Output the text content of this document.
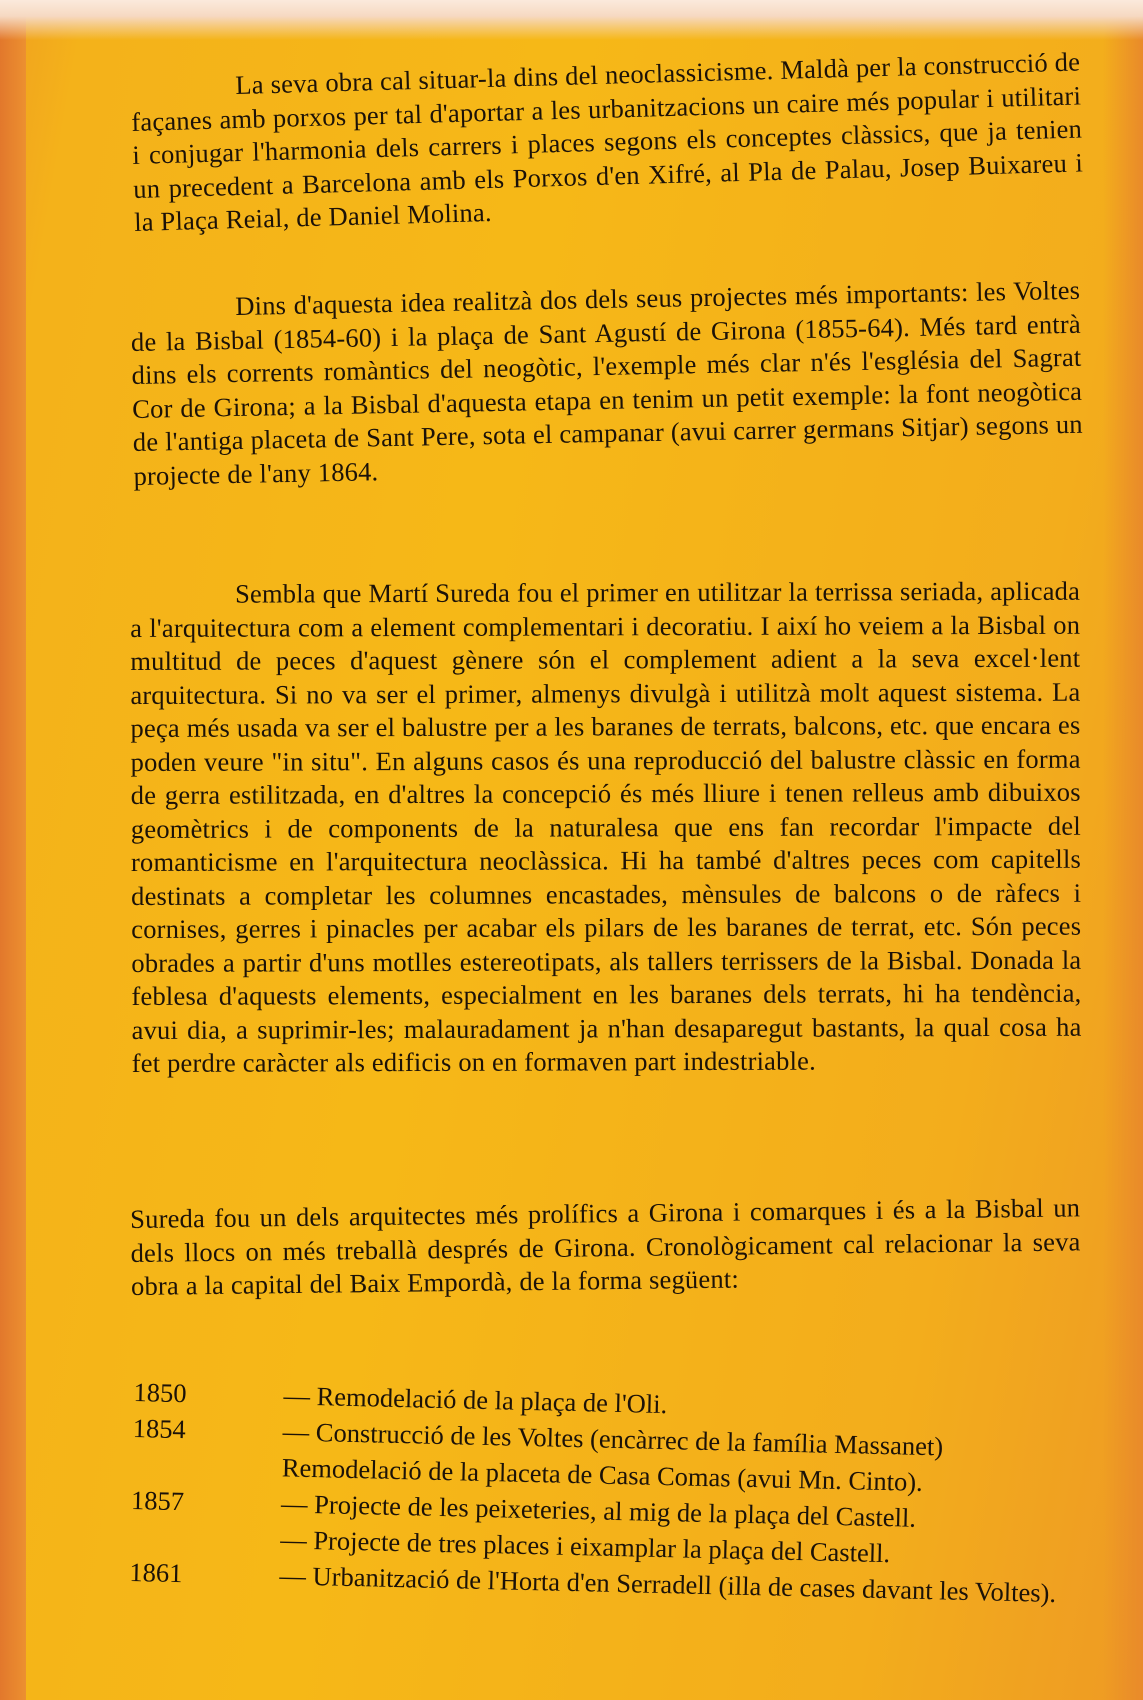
La seva obra cal situar-la dins del neoclassicisme. Maldà per la construcció de façanes amb porxos per tal d'aportar a les urbanitzacions un caire més popular i utilitari i conjugar l'harmonia dels carrers i places segons els conceptes clàssics, que ja tenien un precedent a Barcelona amb els Porxos d'en Xifré, al Pla de Palau, Josep Buixareu i la Plaça Reial, de Daniel Molina.

Dins d'aquesta idea realitzà dos dels seus projectes més importants: les Voltes de la Bisbal (1854-60) i la plaça de Sant Agustí de Girona (1855-64). Més tard entrà dins els corrents romàntics del neogòtic, l'exemple més clar n'és l'església del Sagrat Cor de Girona; a la Bisbal d'aquesta etapa en tenim un petit exemple: la font neogòtica de l'antiga placeta de Sant Pere, sota el campanar (avui carrer germans Sitjar) segons un projecte de l'any 1864.

Sembla que Martí Sureda fou el primer en utilitzar la terrissa seriada, aplicada a l'arquitectura com a element complementari i decoratiu. I així ho veiem a la Bisbal on multitud de peces d'aquest gènere són el complement adient a la seva excel·lent arquitectura. Si no va ser el primer, almenys divulgà i utilitzà molt aquest sistema. La peça més usada va ser el balustre per a les baranes de terrats, balcons, etc. que encara es poden veure "in situ". En alguns casos és una reproducció del balustre clàssic en forma de gerra estilitzada, en d'altres la concepció és més lliure i tenen relleus amb dibuixos geomètrics i de components de la naturalesa que ens fan recordar l'impacte del romanticisme en l'arquitectura neoclàssica. Hi ha també d'altres peces com capitells destinats a completar les columnes encastades, mènsules de balcons o de ràfecs i cornises, gerres i pinacles per acabar els pilars de les baranes de terrat, etc. Són peces obrades a partir d'uns motlles estereotipats, als tallers terrissers de la Bisbal. Donada la feblesa d'aquests elements, especialment en les baranes dels terrats, hi ha tendència, avui dia, a suprimir-les; malauradament ja n'han desaparegut bastants, la qual cosa ha fet perdre caràcter als edificis on en formaven part indestriable.

Sureda fou un dels arquitectes més prolífics a Girona i comarques i és a la Bisbal un dels llocs on més treballà després de Girona. Cronològicament cal relacionar la seva obra a la capital del Baix Empordà, de la forma següent:

1850	— Remodelació de la plaça de l'Oli.
1854	— Construcció de les Voltes (encàrrec de la família Massanet)
Remodelació de la placeta de Casa Comas (avui Mn. Cinto).
1857	— Projecte de les peixeteries, al mig de la plaça del Castell.
— Projecte de tres places i eixamplar la plaça del Castell.
1861	— Urbanització de l'Horta d'en Serradell (illa de cases davant les Voltes).
